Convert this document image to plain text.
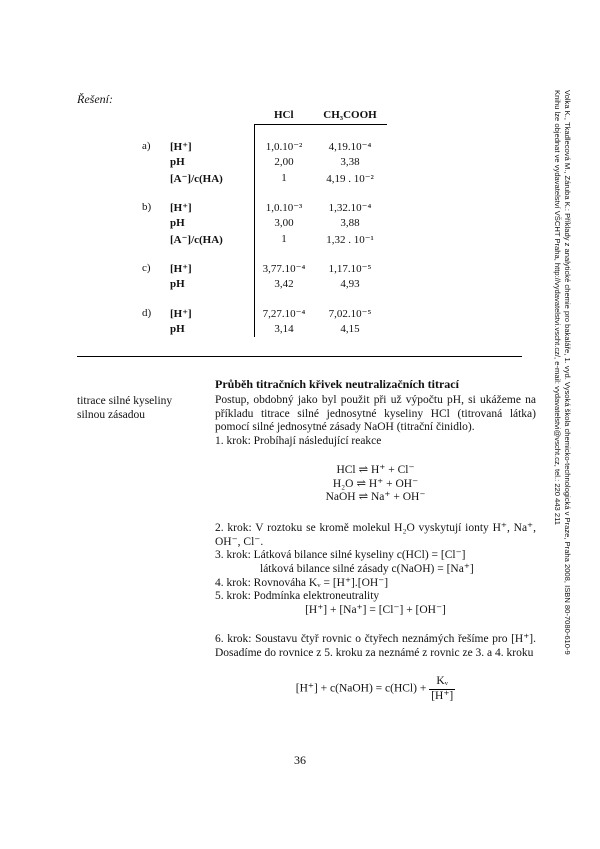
Řešení:
		HCl	CH₃COOH

a)	[H⁺]	1,0.10⁻²	4,19.10⁻⁴
	pH	2,00	3,38
	[A⁻]/c(HA)	1	4,19 . 10⁻²

b)	[H⁺]	1,0.10⁻³	1,32.10⁻⁴
	pH	3,00	3,88
	[A⁻]/c(HA)	1	1,32 . 10⁻¹

c)	[H⁺]	3,77.10⁻⁴	1,17.10⁻⁵
	pH	3,42	4,93

d)	[H⁺]	7,27.10⁻⁴	7,02.10⁻⁵
	pH	3,14	4,15
Průběh titračních křivek neutralizačních titrací
titrace silné kyseliny
silnou zásadou
Postup, obdobný jako byl použit při už výpočtu pH, si ukážeme na příkladu titrace silné jednosytné kyseliny HCl (titrovaná látka) pomocí silné jednosytné zásady NaOH (titrační činidlo).
1. krok: Probíhají následující reakce
HCl ⇌ H⁺ + Cl⁻
H₂O ⇌ H⁺ + OH⁻
NaOH ⇌ Na⁺ + OH⁻
2. krok: V roztoku se kromě molekul H₂O vyskytují ionty H⁺, Na⁺, OH⁻, Cl⁻.
3. krok: Látková bilance silné kyseliny c(HCl) = [Cl⁻]
látková bilance silné zásady c(NaOH) = [Na⁺]
4. krok: Rovnováha Kᵥ = [H⁺].[OH⁻]
5. krok: Podmínka elektroneutrality
[H⁺] + [Na⁺] = [Cl⁻] + [OH⁻]
6. krok: Soustavu čtyř rovnic o čtyřech neznámých řešíme pro [H⁺]. Dosadíme do rovnice z 5. kroku za neznámé z rovnic ze 3. a 4. kroku
[H⁺] + c(NaOH) = $c(HCl) + \frac{\text{Kᵥ}}{[H^+]}$
36
Volka K., Tkadlecová M., Záruba K.: Příklady z analytické chemie pro bakaláře, 1. vyd. Vysoká škola chemicko-technologická v Praze, Praha 2008, ISBN 80-7080-610-9
Knihu lze objednat ve vydavatelství VŠCHT Praha, http://vydavatelstvi.vscht.cz/, e-mail: vydavatelstvi@vscht.cz, tel.: 220 443 211
